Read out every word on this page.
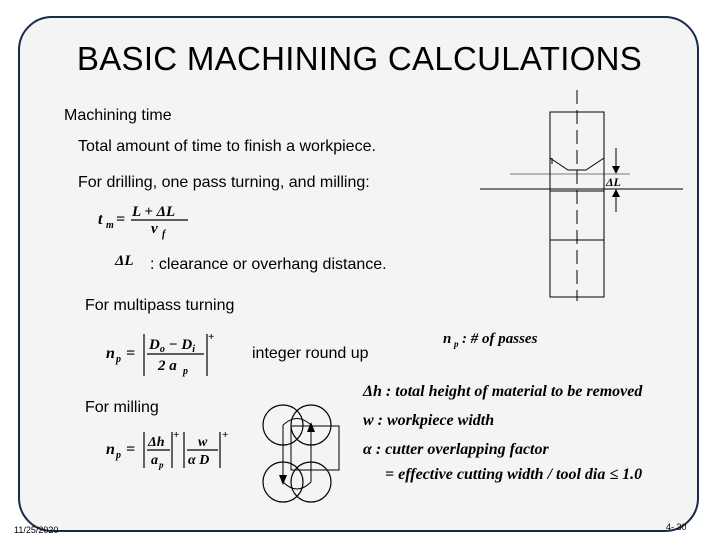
BASIC MACHINING CALCULATIONS
Machining time
Total amount of time to finish a workpiece.
For drilling, one pass turning, and milling:
t m = L + ΔL
v f
ΔL : clearance or overhang distance.
For multipass turning
n $p = D_o - D_i$
2 a p
+
integer round up
n p : # of passes
For milling
n p = Δh
a p
+ w
α D
+
Δh : total height of material to be removed
w : workpiece width
α : cutter overlapping factor
= effective cutting width / tool dia ≤ 1.0
ΔL
11/25/2020	4- 30
